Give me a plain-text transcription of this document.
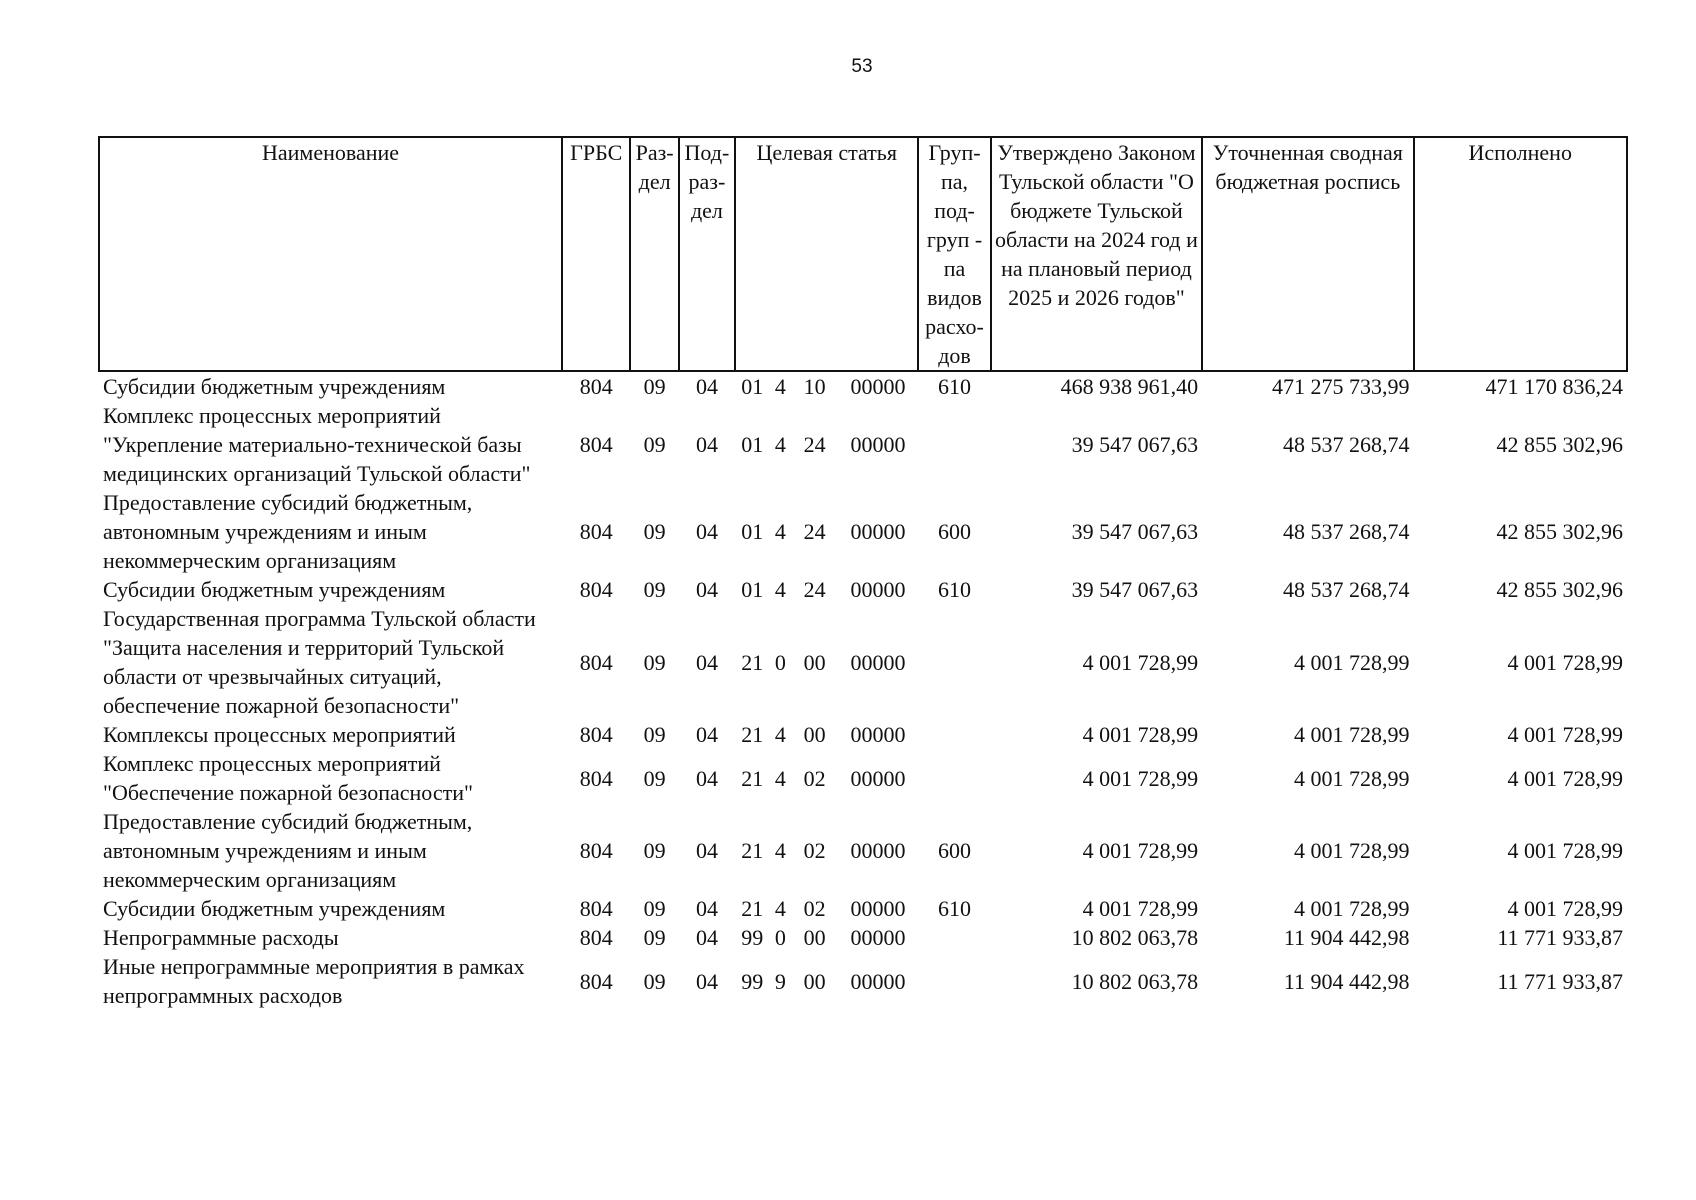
53
Наименование	ГРБС	Раз-дел	Под-раз-дел	Целевая статья				Груп-па, под-груп - па видов расхо-дов	Утверждено Законом Тульской области "О бюджете Тульской области на 2024 год и на плановый период 2025 и 2026 годов"	Уточненная сводная бюджетная роспись	Исполнено
Субсидии бюджетным учреждениям	804	09	04	01	4	10	00000	610	468 938 961,40	471 275 733,99	471 170 836,24
Комплекс процессных мероприятий "Укрепление материально-технической базы медицинских организаций Тульской области"	804	09	04	01	4	24	00000		39 547 067,63	48 537 268,74	42 855 302,96
Предоставление субсидий бюджетным, автономным учреждениям и иным некоммерческим организациям	804	09	04	01	4	24	00000	600	39 547 067,63	48 537 268,74	42 855 302,96
Субсидии бюджетным учреждениям	804	09	04	01	4	24	00000	610	39 547 067,63	48 537 268,74	42 855 302,96
Государственная программа Тульской области "Защита населения и территорий Тульской области от чрезвычайных ситуаций, обеспечение пожарной безопасности"	804	09	04	21	0	00	00000		4 001 728,99	4 001 728,99	4 001 728,99
Комплексы процессных мероприятий	804	09	04	21	4	00	00000		4 001 728,99	4 001 728,99	4 001 728,99
Комплекс процессных мероприятий "Обеспечение пожарной безопасности"	804	09	04	21	4	02	00000		4 001 728,99	4 001 728,99	4 001 728,99
Предоставление субсидий бюджетным, автономным учреждениям и иным некоммерческим организациям	804	09	04	21	4	02	00000	600	4 001 728,99	4 001 728,99	4 001 728,99
Субсидии бюджетным учреждениям	804	09	04	21	4	02	00000	610	4 001 728,99	4 001 728,99	4 001 728,99
Непрограммные расходы	804	09	04	99	0	00	00000		10 802 063,78	11 904 442,98	11 771 933,87
Иные непрограммные мероприятия в рамках непрограммных расходов	804	09	04	99	9	00	00000		10 802 063,78	11 904 442,98	11 771 933,87
